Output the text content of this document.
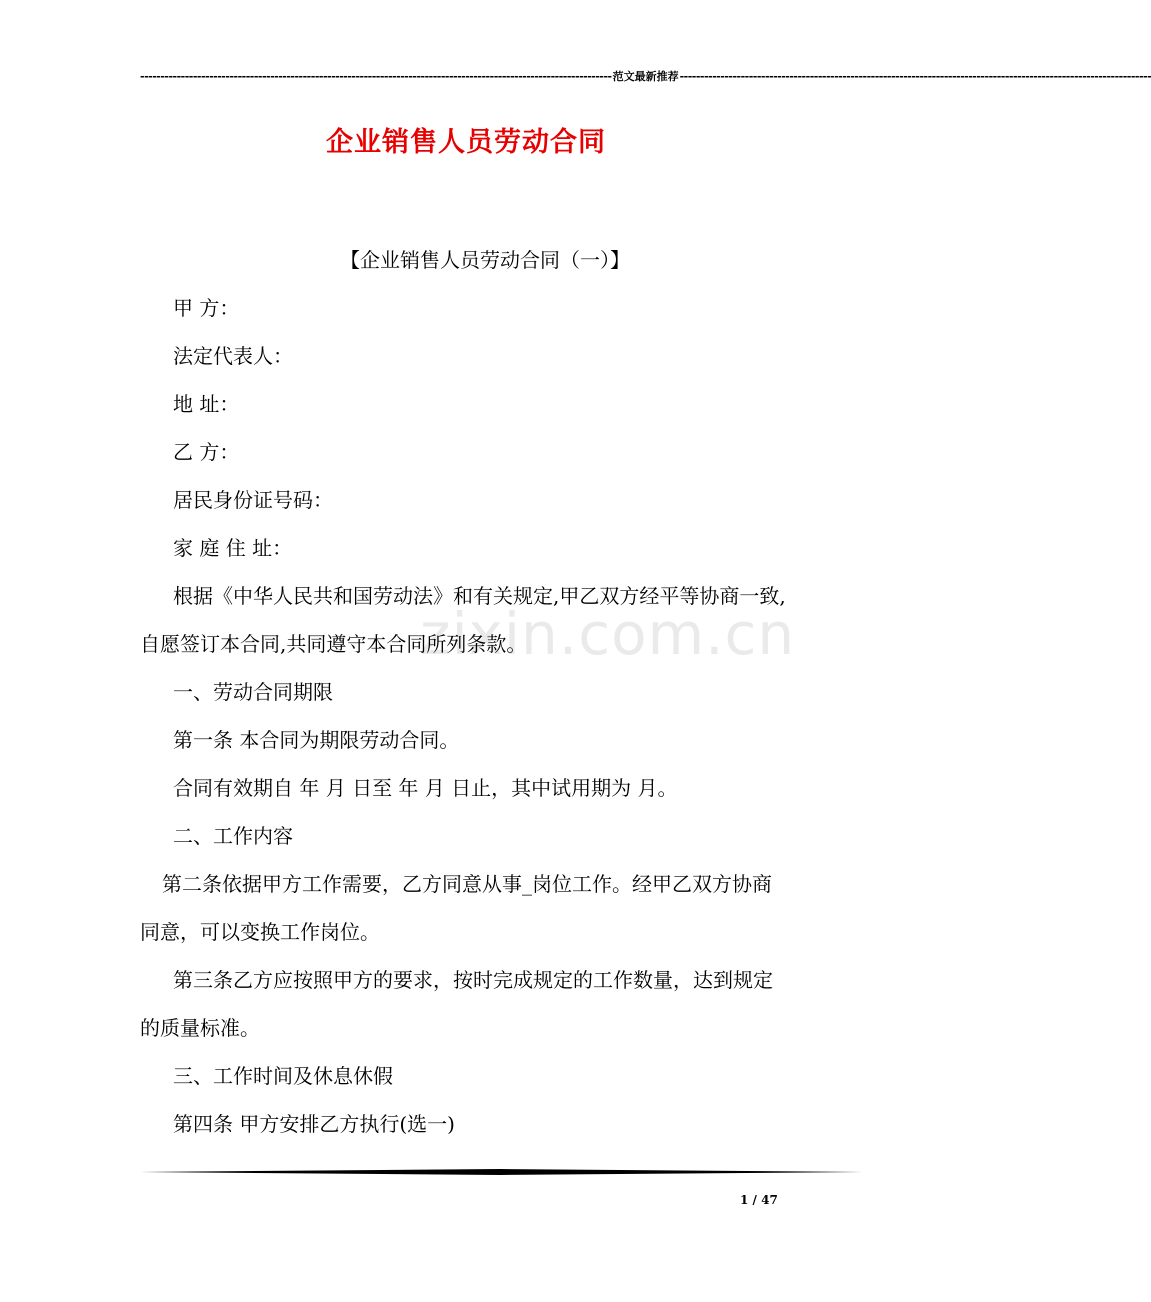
-------------------------------------------------------------------------------------------------------------------- 范文最新推荐 --------------------------------------------------------------------------------------------------------------------
企业销售人员劳动合同
zixin.com.cn

【企业销售人员劳动合同（一）】

甲 方：

法定代表人：

地 址：

乙 方：

居民身份证号码：

家 庭 住 址：

根据《中华人民共和国劳动法》和有关规定,甲乙双方经平等协商一致,自愿签订本合同,共同遵守本合同所列条款。

一、劳动合同期限

第一条 本合同为期限劳动合同。

合同有效期自 年 月 日至 年 月 日止，其中试用期为 月。

二、工作内容

第二条依据甲方工作需要，乙方同意从事_岗位工作。经甲乙双方协商同意，可以变换工作岗位。

第三条乙方应按照甲方的要求，按时完成规定的工作数量，达到规定的质量标准。

三、工作时间及休息休假

第四条 甲方安排乙方执行(选一)

1 / 47
